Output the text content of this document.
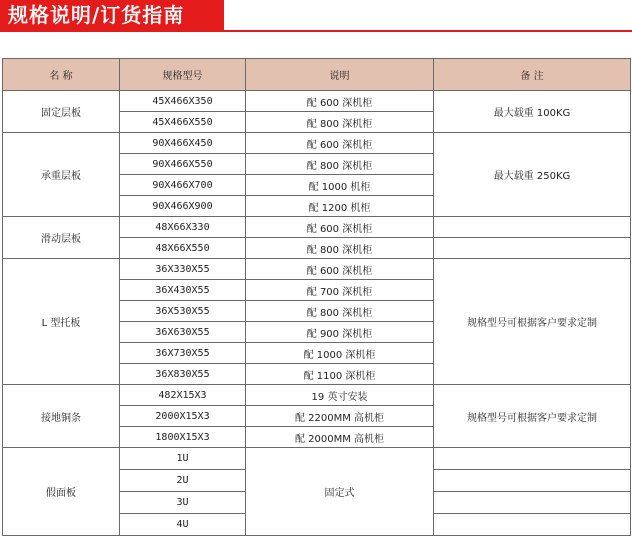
规格说明/订货指南
名 称	规格型号	说明	备 注
固定层板	45X466X350	配 600 深机柜	最大载重 100KG
	45X466X550	配 800 深机柜	
承重层板	90X466X450	配 600 深机柜	最大载重 250KG
	90X466X550	配 800 深机柜	
	90X466X700	配 1000 机柜	
	90X466X900	配 1200 机柜	
滑动层板	48X66X330	配 600 深机柜	
	48X66X550	配 800 深机柜	
L 型托板	36X330X55	配 600 深机柜	规格型号可根据客户要求定制
	36X430X55	配 700 深机柜	
	36X530X55	配 800 深机柜	
	36X630X55	配 900 深机柜	
	36X730X55	配 1000 深机柜	
	36X830X55	配 1100 深机柜	
接地铜条	482X15X3	19 英寸安装	规格型号可根据客户要求定制
	2000X15X3	配 2200MM 高机柜	
	1800X15X3	配 2000MM 高机柜	
假面板	1U	固定式	
	2U		
	3U		
	4U		
